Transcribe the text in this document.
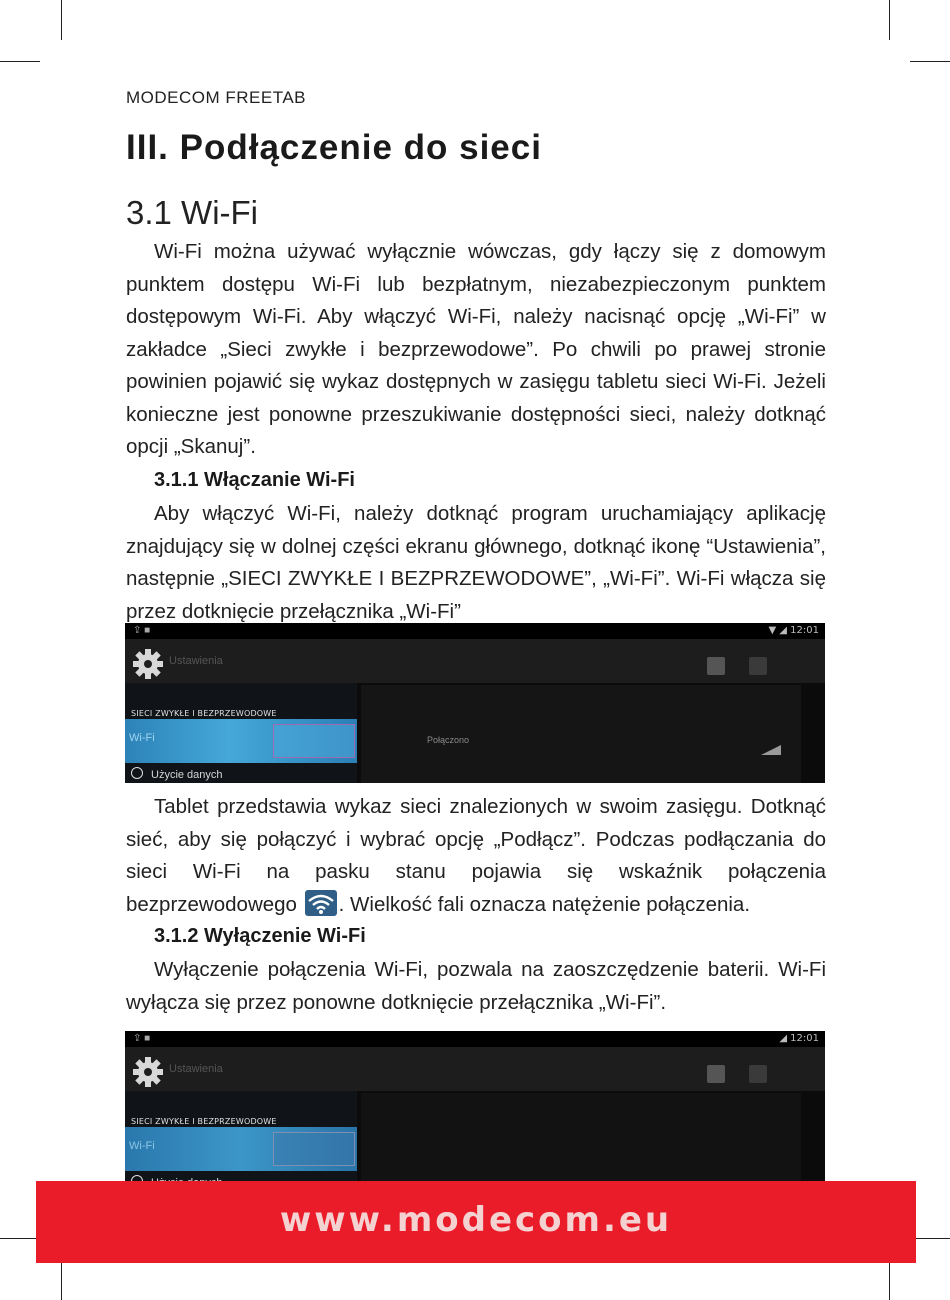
MODECOM FREETAB
III. Podłączenie do sieci
3.1 Wi-Fi

Wi-Fi można używać wyłącznie wówczas, gdy łączy się z domowym punktem dostępu Wi-Fi lub bezpłatnym, niezabezpieczonym punktem dostępowym Wi-Fi. Aby włączyć Wi-Fi, należy nacisnąć opcję „Wi-Fi” w zakładce „Sieci zwykłe i bezprzewodowe”. Po chwili po prawej stronie powinien pojawić się wykaz dostępnych w zasięgu tabletu sieci Wi-Fi. Jeżeli konieczne jest ponowne przeszukiwanie dostępności sieci, należy dotknąć opcji „Skanuj”.

3.1.1 Włączanie Wi-Fi

Aby włączyć Wi-Fi, należy dotknąć program uruchamiający aplikację znajdujący się w dolnej części ekranu głównego, dotknąć ikonę “Ustawienia”, następnie „SIECI ZWYKŁE I BEZPRZEWODOWE”, „Wi-Fi”. Wi-Fi włącza się przez dotknięcie przełącznika „Wi-Fi”

⇪ ■	▼ ◢ 12:01
Ustawienia
SIECI ZWYKŁE I BEZPRZEWODOWE
Wi-Fi
Użycie danych
Połączono

Tablet przedstawia wykaz sieci znalezionych w swoim zasięgu. Dotknąć sieć, aby się połączyć i wybrać opcję „Podłącz”. Podczas podłączania do sieci Wi-Fi na pasku stanu pojawia się wskaźnik połączenia bezprzewodowego . Wielkość fali oznacza natężenie połączenia.

3.1.2 Wyłączenie Wi-Fi

Wyłączenie połączenia Wi-Fi, pozwala na zaoszczędzenie baterii. Wi-Fi wyłącza się przez ponowne dotknięcie przełącznika „Wi-Fi”.

⇪ ■	◢ 12:01
Ustawienia
SIECI ZWYKŁE I BEZPRZEWODOWE
Wi-Fi
www.modecom.eu
